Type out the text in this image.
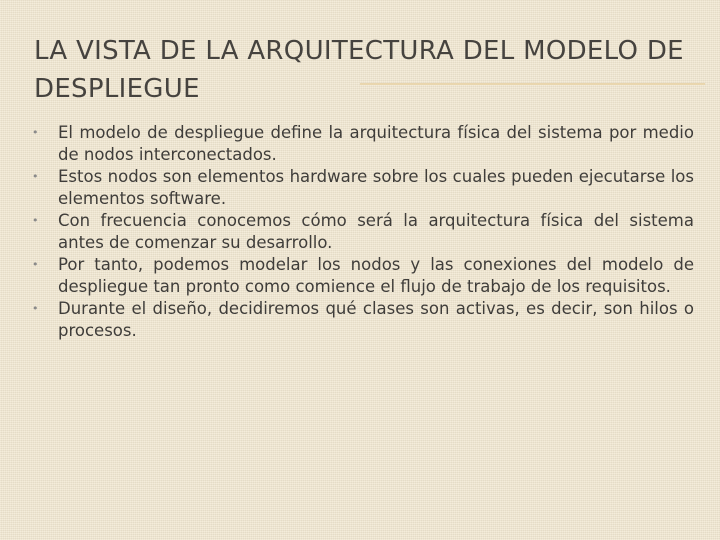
LA VISTA DE LA ARQUITECTURA DEL MODELO DE DESPLIEGUE
•	El modelo de despliegue define la arquitectura física del sistema por medio de nodos interconectados.
•	Estos nodos son elementos hardware sobre los cuales pueden ejecutarse los elementos software.
•	Con frecuencia conocemos cómo será la arquitectura física del sistema antes de comenzar su desarrollo.
•	Por tanto, podemos modelar los nodos y las conexiones del modelo de despliegue tan pronto como comience el flujo de trabajo de los requisitos.
•	Durante el diseño, decidiremos qué clases son activas, es decir, son hilos o procesos.
